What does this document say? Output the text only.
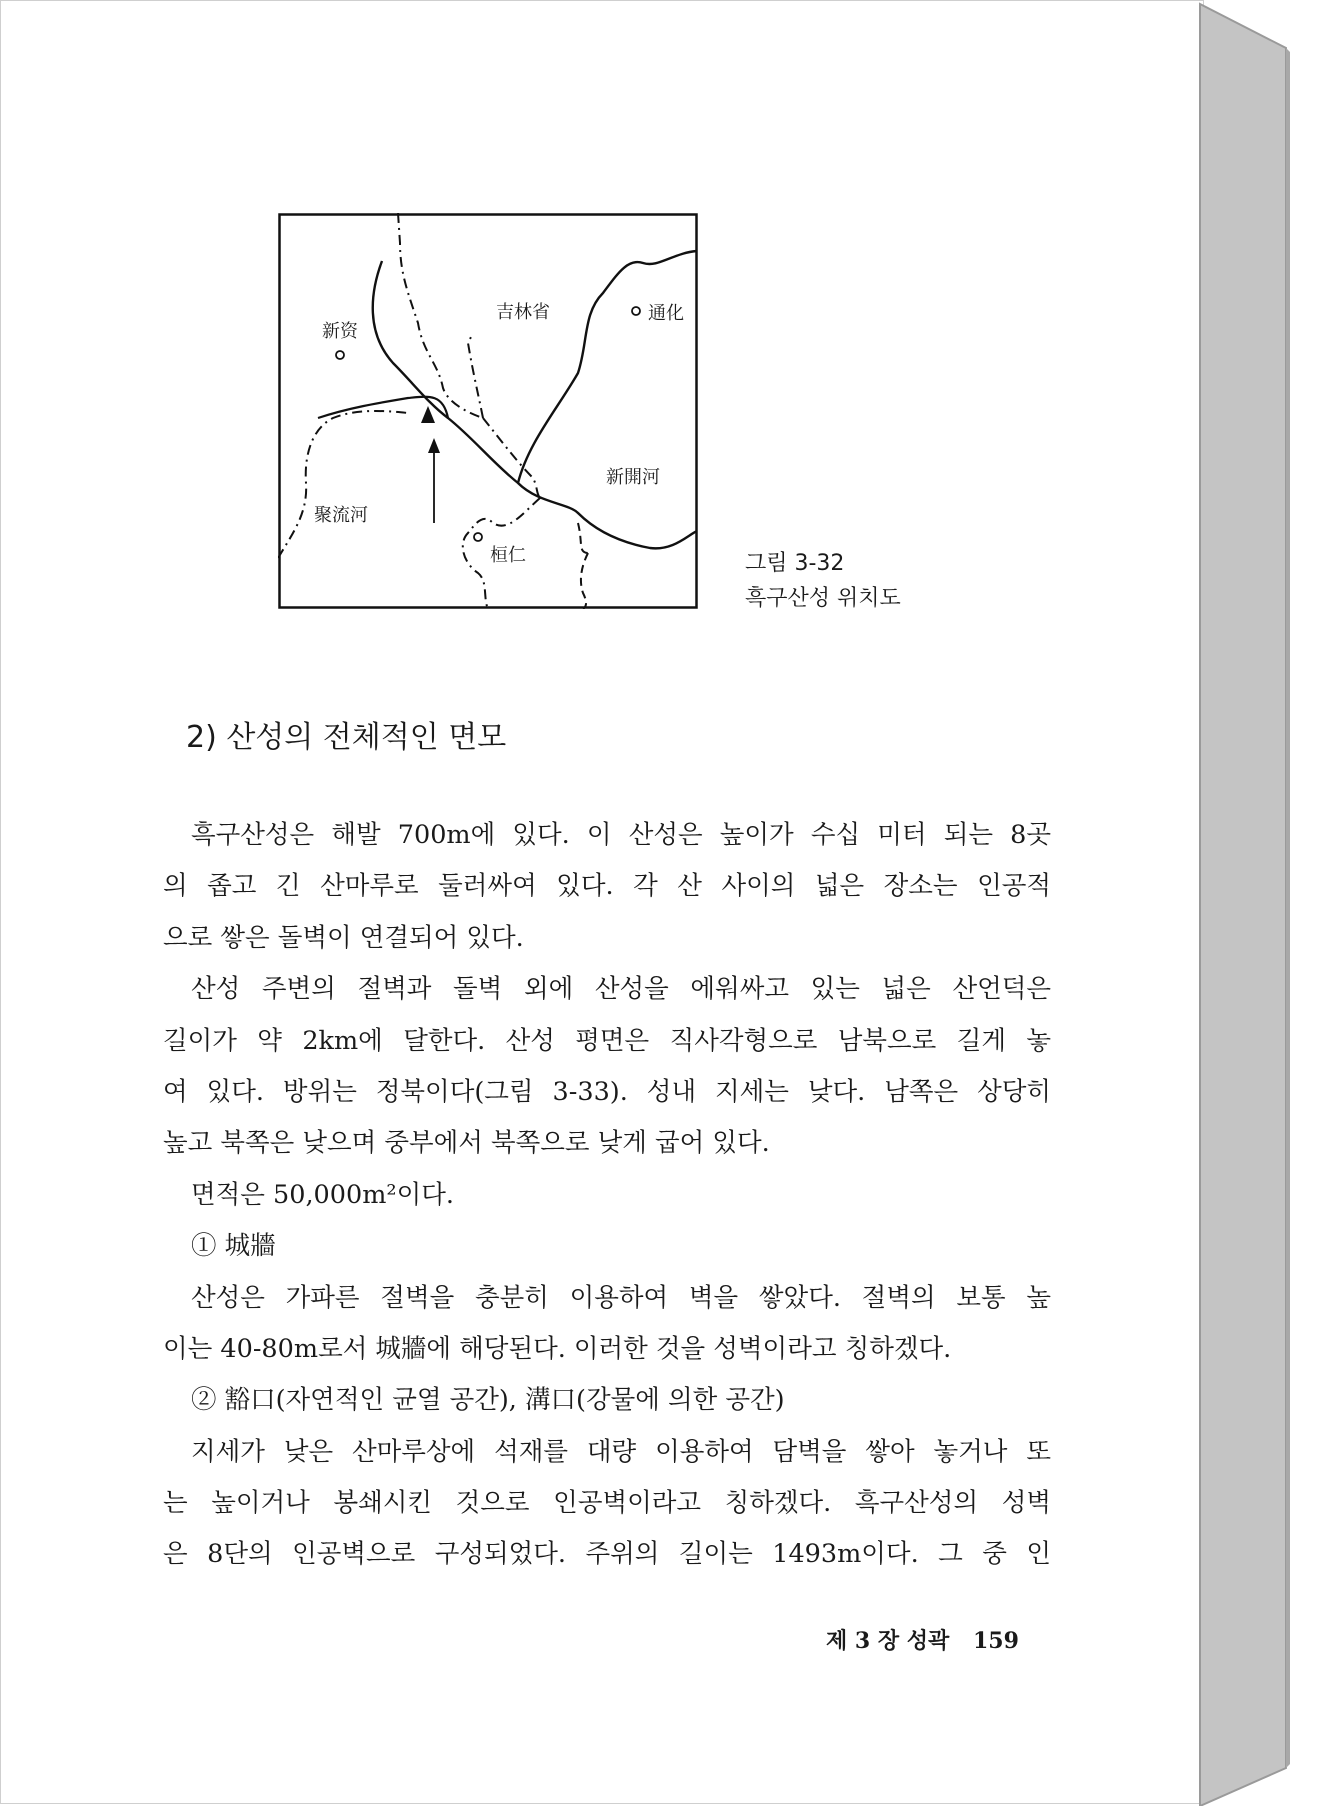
吉林省	通化
新资
新開河
聚流河
桓仁	그림 3-32
흑구산성 위치도
2) 산성의 전체적인 면모
흑구산성은 해발 700m에 있다. 이 산성은 높이가 수십 미터 되는 8곳
의 좁고 긴 산마루로 둘러싸여 있다. 각 산 사이의 넓은 장소는 인공적
으로 쌓은 돌벽이 연결되어 있다.
산성 주변의 절벽과 돌벽 외에 산성을 에워싸고 있는 넓은 산언덕은
길이가 약 2km에 달한다. 산성 평면은 직사각형으로 남북으로 길게 놓
여 있다. 방위는 정북이다(그림 3-33). 성내 지세는 낮다. 남쪽은 상당히
높고 북쪽은 낮으며 중부에서 북쪽으로 낮게 굽어 있다.
면적은 50,000m²이다.
① 城牆
산성은 가파른 절벽을 충분히 이용하여 벽을 쌓았다. 절벽의 보통 높
이는 40-80m로서 城牆에 해당된다. 이러한 것을 성벽이라고 칭하겠다.
② 豁口(자연적인 균열 공간), 溝口(강물에 의한 공간)
지세가 낮은 산마루상에 석재를 대량 이용하여 담벽을 쌓아 놓거나 또
는 높이거나 봉쇄시킨 것으로 인공벽이라고 칭하겠다. 흑구산성의 성벽
은 8단의 인공벽으로 구성되었다. 주위의 길이는 1493m이다. 그 중 인
제 3 장 성곽 159
